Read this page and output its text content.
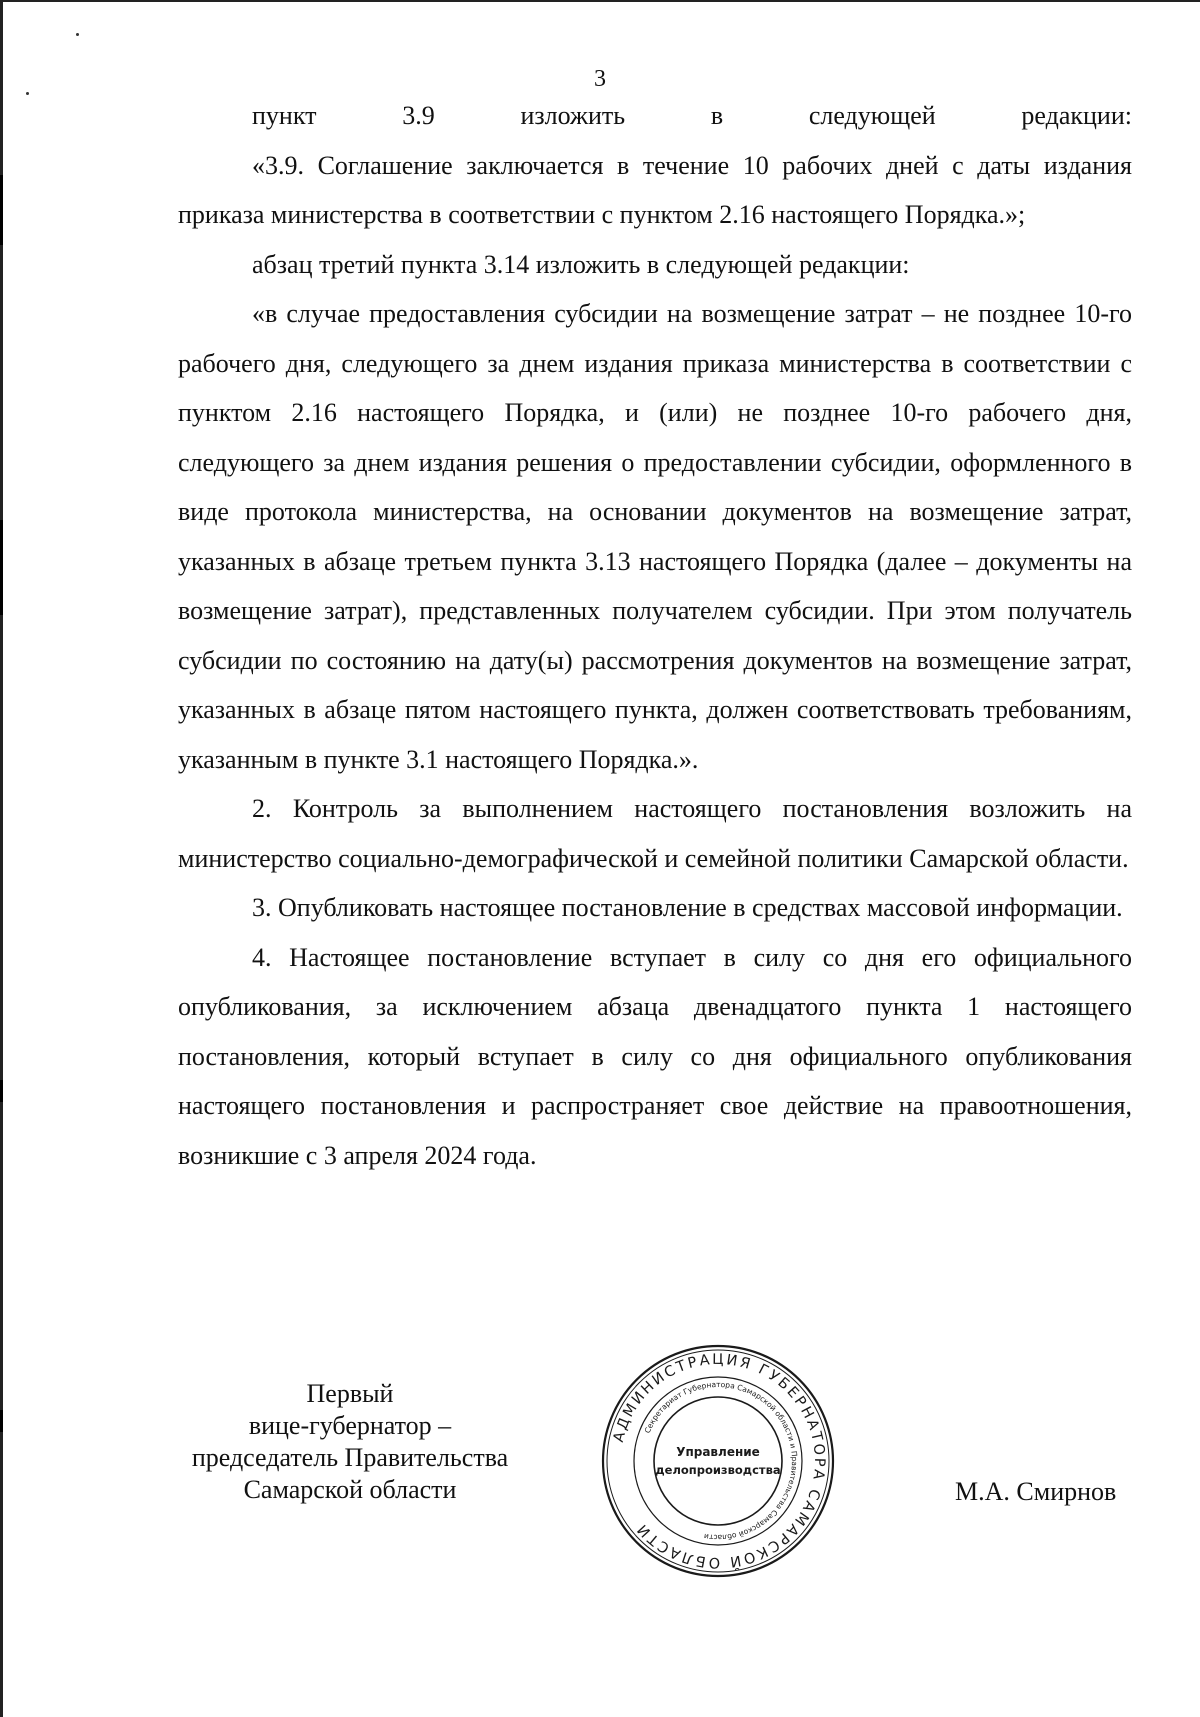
3

пункт 3.9 изложить в следующей редакции:

«3.9. Соглашение заключается в течение 10 рабочих дней с даты издания приказа министерства в соответствии с пунктом 2.16 настоящего Порядка.»;

абзац третий пункта 3.14 изложить в следующей редакции:

«в случае предоставления субсидии на возмещение затрат – не позднее 10-го рабочего дня, следующего за днем издания приказа министерства в соответствии с пунктом 2.16 настоящего Порядка, и (или) не позднее 10-го рабочего дня, следующего за днем издания решения о предоставлении субсидии, оформленного в виде протокола министерства, на основании документов на возмещение затрат, указанных в абзаце третьем пункта 3.13 настоящего Порядка (далее – документы на возмещение затрат), представленных получателем субсидии. При этом получатель субсидии по состоянию на дату(ы) рассмотрения документов на возмещение затрат, указанных в абзаце пятом настоящего пункта, должен соответствовать требованиям, указанным в пункте 3.1 настоящего Порядка.».

2. Контроль за выполнением настоящего постановления возложить на министерство социально-демографической и семейной политики Самарской области.

3. Опубликовать настоящее постановление в средствах массовой информации.

4. Настоящее постановление вступает в силу со дня его официального опубликования, за исключением абзаца двенадцатого пункта 1 настоящего постановления, который вступает в силу со дня официального опубликования настоящего постановления и распространяет свое действие на правоотношения, возникшие с 3 апреля 2024 года.

Первый
вице-губернатор –
председатель Правительства
Самарской области
АДМИНИСТРАЦИЯ ГУБЕРНАТОРА САМАРСКОЙ ОБЛАСТИ
Секретариат Губернатора Самарской области и Правительства Самарской области
Управление
делопроизводства
М.А. Смирнов
